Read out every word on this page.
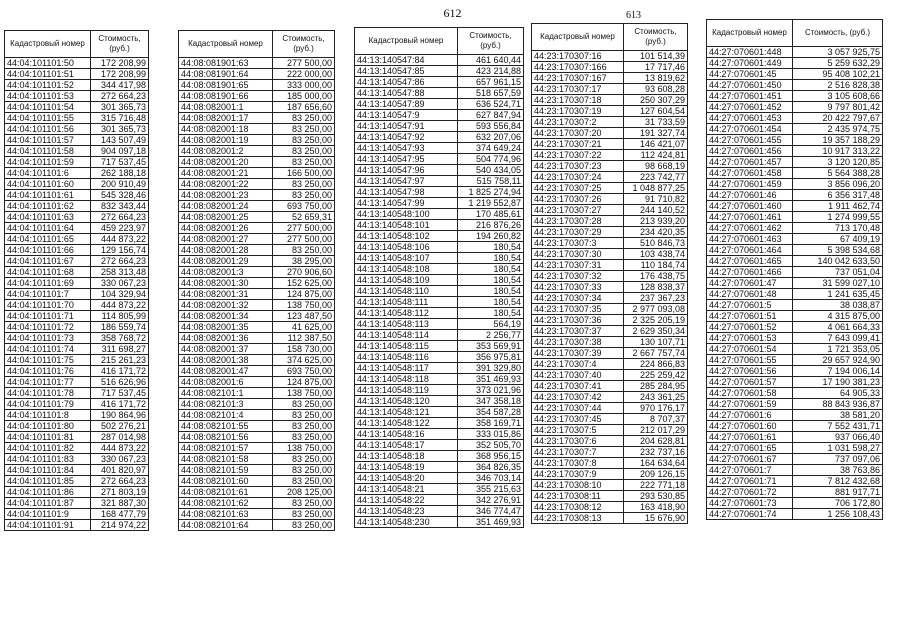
612
Кадастровый номер	Стоимость, (руб.)
44:04:101101:50	172 208,99
44:04:101101:51	172 208,99
44:04:101101:52	344 417,98
44:04:101101:53	272 664,23
44:04:101101:54	301 365,73
44:04:101101:55	315 716,48
44:04:101101:56	301 365,73
44:04:101101:57	143 507,49
44:04:101101:58	904 097,18
44:04:101101:59	717 537,45
44:04:101101:6	262 188,18
44:04:101101:60	200 910,49
44:04:101101:61	545 328,46
44:04:101101:62	832 343,44
44:04:101101:63	272 664,23
44:04:101101:64	459 223,97
44:04:101101:65	444 873,22
44:04:101101:66	129 156,74
44:04:101101:67	272 664,23
44:04:101101:68	258 313,48
44:04:101101:69	330 067,23
44:04:101101:7	104 329,94
44:04:101101:70	444 873,22
44:04:101101:71	114 805,99
44:04:101101:72	186 559,74
44:04:101101:73	358 768,72
44:04:101101:74	311 698,27
44:04:101101:75	215 261,23
44:04:101101:76	416 171,72
44:04:101101:77	516 626,96
44:04:101101:78	717 537,45
44:04:101101:79	416 171,72
44:04:101101:8	190 864,96
44:04:101101:80	502 276,21
44:04:101101:81	287 014,98
44:04:101101:82	444 873,22
44:04:101101:83	330 067,23
44:04:101101:84	401 820,97
44:04:101101:85	272 664,23
44:04:101101:86	271 803,19
44:04:101101:87	321 887,30
44:04:101101:9	168 477,79
44:04:101101:91	214 974,22
Кадастровый номер	Стоимость, (руб.)
44:08:081901:63	277 500,00
44:08:081901:64	222 000,00
44:08:081901:65	333 000,00
44:08:081901:66	185 000,00
44:08:082001:1	187 656,60
44:08:082001:17	83 250,00
44:08:082001:18	83 250,00
44:08:082001:19	83 250,00
44:08:082001:2	83 250,00
44:08:082001:20	83 250,00
44:08:082001:21	166 500,00
44:08:082001:22	83 250,00
44:08:082001:23	83 250,00
44:08:082001:24	693 750,00
44:08:082001:25	52 659,31
44:08:082001:26	277 500,00
44:08:082001:27	277 500,00
44:08:082001:28	83 250,00
44:08:082001:29	38 295,00
44:08:082001:3	270 906,60
44:08:082001:30	152 625,00
44:08:082001:31	124 875,00
44:08:082001:32	138 750,00
44:08:082001:34	123 487,50
44:08:082001:35	41 625,00
44:08:082001:36	112 387,50
44:08:082001:37	158 730,00
44:08:082001:38	374 625,00
44:08:082001:47	693 750,00
44:08:082001:6	124 875,00
44:08:082101:1	138 750,00
44:08:082101:3	83 250,00
44:08:082101:4	83 250,00
44:08:082101:55	83 250,00
44:08:082101:56	83 250,00
44:08:082101:57	138 750,00
44:08:082101:58	83 250,00
44:08:082101:59	83 250,00
44:08:082101:60	83 250,00
44:08:082101:61	208 125,00
44:08:082101:62	83 250,00
44:08:082101:63	83 250,00
44:08:082101:64	83 250,00
Кадастровый номер	Стоимость, (руб.)
44:13:140547:84	461 640,44
44:13:140547:85	423 214,88
44:13:140547:86	657 961,15
44:13:140547:88	518 657,59
44:13:140547:89	636 524,71
44:13:140547:9	627 847,94
44:13:140547:91	593 556,84
44:13:140547:92	632 207,06
44:13:140547:93	374 649,24
44:13:140547:95	504 774,96
44:13:140547:96	540 434,05
44:13:140547:97	515 758,11
44:13:140547:98	1 825 274,94
44:13:140547:99	1 219 552,87
44:13:140548:100	170 485,61
44:13:140548:101	216 876,26
44:13:140548:102	194 260,82
44:13:140548:106	180,54
44:13:140548:107	180,54
44:13:140548:108	180,54
44:13:140548:109	180,54
44:13:140548:110	180,54
44:13:140548:111	180,54
44:13:140548:112	180,54
44:13:140548:113	564,19
44:13:140548:114	2 256,77
44:13:140548:115	353 569,91
44:13:140548:116	356 975,81
44:13:140548:117	391 329,80
44:13:140548:118	351 469,93
44:13:140548:119	373 021,96
44:13:140548:120	347 358,18
44:13:140548:121	354 587,28
44:13:140548:122	358 169,71
44:13:140548:16	333 015,86
44:13:140548:17	352 505,70
44:13:140548:18	368 956,15
44:13:140548:19	364 826,35
44:13:140548:20	346 703,14
44:13:140548:21	355 215,63
44:13:140548:22	342 276,91
44:13:140548:23	346 774,47
44:13:140548:230	351 469,93
Кадастровый номер	Стоимость, (руб.)
44:23:170307:16	101 514,39
44:23:170307:166	17 717,46
44:23:170307:167	13 819,62
44:23:170307:17	93 608,28
44:23:170307:18	250 307,29
44:23:170307:19	127 604,54
44:23:170307:2	31 733,59
44:23:170307:20	191 327,74
44:23:170307:21	146 421,07
44:23:170307:22	112 424,81
44:23:170307:23	98 668,19
44:23:170307:24	223 742,77
44:23:170307:25	1 048 877,25
44:23:170307:26	91 710,82
44:23:170307:27	244 140,52
44:23:170307:28	213 939,20
44:23:170307:29	234 420,35
44:23:170307:3	510 846,73
44:23:170307:30	103 438,74
44:23:170307:31	110 184,74
44:23:170307:32	176 438,75
44:23:170307:33	128 838,37
44:23:170307:34	237 367,23
44:23:170307:35	2 977 093,08
44:23:170307:36	2 325 205,19
44:23:170307:37	2 629 350,34
44:23:170307:38	130 107,71
44:23:170307:39	2 667 757,74
44:23:170307:4	224 866,83
44:23:170307:40	225 259,42
44:23:170307:41	285 284,95
44:23:170307:42	243 361,25
44:23:170307:44	970 176,17
44:23:170307:45	8 707,37
44:23:170307:5	212 017,29
44:23:170307:6	204 628,81
44:23:170307:7	232 737,16
44:23:170307:8	164 634,64
44:23:170307:9	209 126,15
44:23:170308:10	222 771,18
44:23:170308:11	293 530,85
44:23:170308:12	163 418,90
44:23:170308:13	15 676,90
613
Кадастровый номер	Стоимость, (руб.)
44:27:070601:448	3 057 925,75
44:27:070601:449	5 259 632,29
44:27:070601:45	95 408 102,21
44:27:070601:450	2 516 828,38
44:27:070601:451	3 105 608,66
44:27:070601:452	9 797 801,42
44:27:070601:453	20 422 797,67
44:27:070601:454	2 435 974,75
44:27:070601:455	19 357 188,29
44:27:070601:456	10 917 313,22
44:27:070601:457	3 120 120,85
44:27:070601:458	5 564 388,28
44:27:070601:459	3 856 096,20
44:27:070601:46	6 356 317,48
44:27:070601:460	1 911 462,74
44:27:070601:461	1 274 999,55
44:27:070601:462	713 170,48
44:27:070601:463	67 409,19
44:27:070601:464	5 398 534,68
44:27:070601:465	140 042 633,50
44:27:070601:466	737 051,04
44:27:070601:47	31 599 027,10
44:27:070601:48	1 241 635,45
44:27:070601:5	38 038,87
44:27:070601:51	4 315 875,00
44:27:070601:52	4 061 664,33
44:27:070601:53	7 643 099,41
44:27:070601:54	1 721 353,05
44:27:070601:55	29 657 924,90
44:27:070601:56	7 194 006,14
44:27:070601:57	17 190 381,23
44:27:070601:58	64 905,33
44:27:070601:59	88 843 936,87
44:27:070601:6	38 581,20
44:27:070601:60	7 552 431,71
44:27:070601:61	937 066,40
44:27:070601:65	1 031 598,27
44:27:070601:67	737 097,06
44:27:070601:7	38 763,86
44:27:070601:71	7 812 432,68
44:27:070601:72	881 917,71
44:27:070601:73	706 172,80
44:27:070601:74	1 256 108,43
